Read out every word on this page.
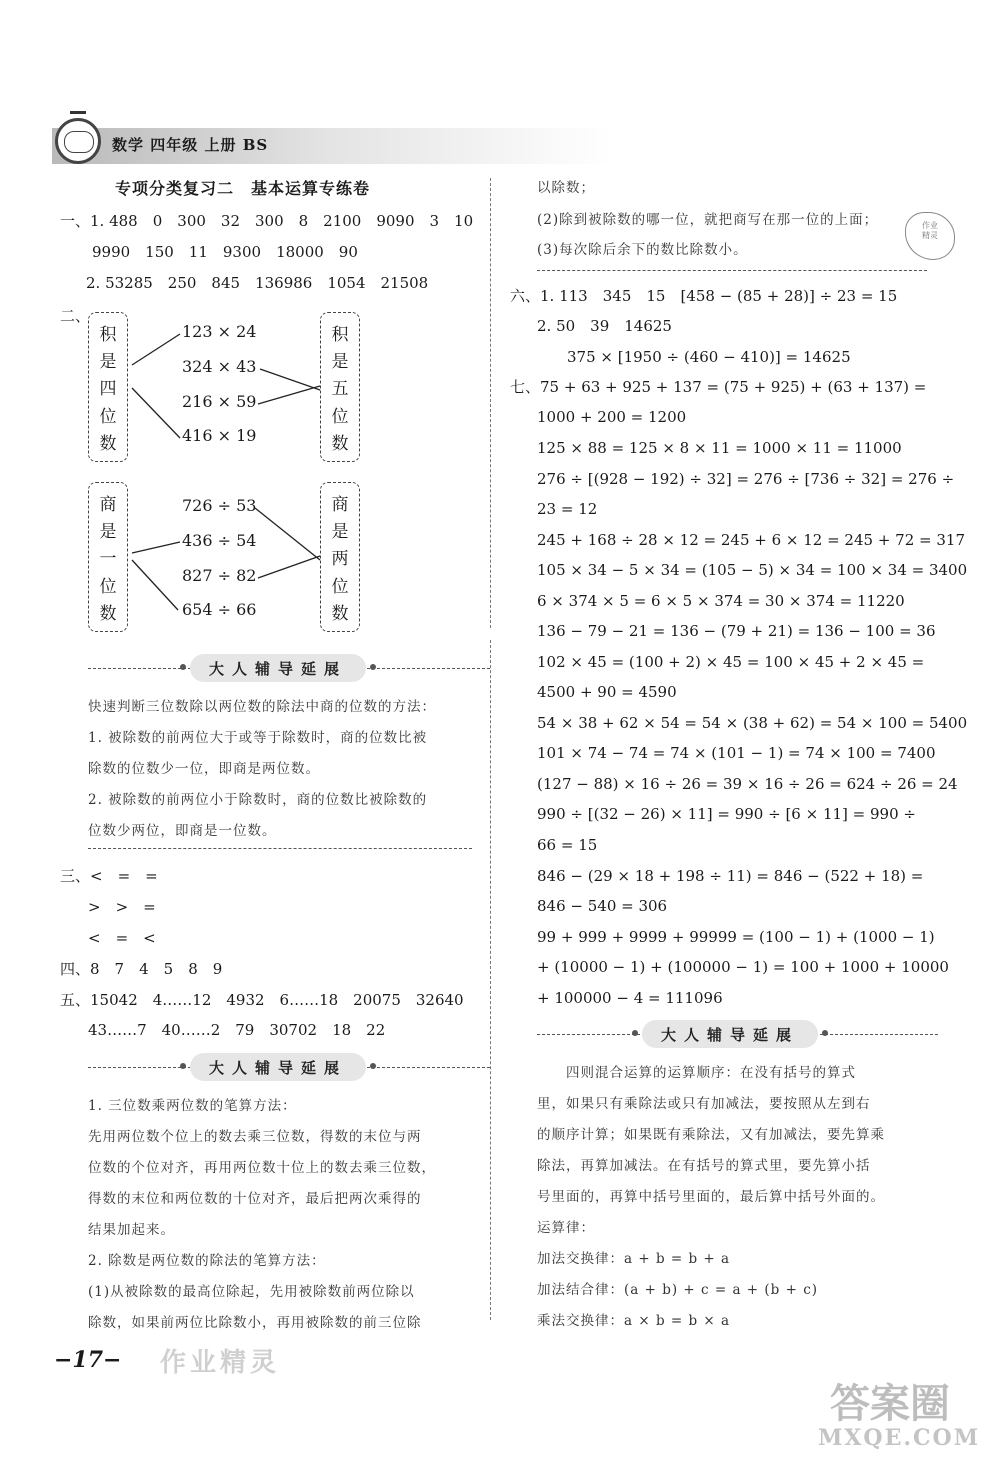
数学 四年级 上册 BS
专项分类复习二　基本运算专练卷
一、1. 488　0　300　32　300　8　2100　9090　3　10
9990　150　11　9300　18000　90
2. 53285　250　845　136986　1054　21508
二、
积
是
四
位
数
积
是
五
位
数
商
是
一
位
数
商
是
两
位
数
123 × 24
324 × 43
216 × 59
416 × 19
726 ÷ 53
436 ÷ 54
827 ÷ 82
654 ÷ 66
大人辅导延展
快速判断三位数除以两位数的除法中商的位数的方法：
1. 被除数的前两位大于或等于除数时，商的位数比被
除数的位数少一位，即商是两位数。
2. 被除数的前两位小于除数时，商的位数比被除数的
位数少两位，即商是一位数。
三、<　=　=
>　>　=
<　=　<
四、8　7　4　5　8　9
五、15042　4……12　4932　6……18　20075　32640
43……7　40……2　79　30702　18　22
大人辅导延展
1. 三位数乘两位数的笔算方法：
先用两位数个位上的数去乘三位数，得数的末位与两
位数的个位对齐，再用两位数十位上的数去乘三位数，
得数的末位和两位数的十位对齐，最后把两次乘得的
结果加起来。
2. 除数是两位数的除法的笔算方法：
(1)从被除数的最高位除起，先用被除数前两位除以
除数，如果前两位比除数小，再用被除数的前三位除
以除数；
(2)除到被除数的哪一位，就把商写在那一位的上面；
(3)每次除后余下的数比除数小。
作业
精灵
六、1. 113　345　15　[458 − (85 + 28)] ÷ 23 = 15
2. 50　39　14625
375 × [1950 ÷ (460 − 410)] = 14625
七、75 + 63 + 925 + 137 = (75 + 925) + (63 + 137) =
1000 + 200 = 1200
125 × 88 = 125 × 8 × 11 = 1000 × 11 = 11000
276 ÷ [(928 − 192) ÷ 32] = 276 ÷ [736 ÷ 32] = 276 ÷
23 = 12
245 + 168 ÷ 28 × 12 = 245 + 6 × 12 = 245 + 72 = 317
105 × 34 − 5 × 34 = (105 − 5) × 34 = 100 × 34 = 3400
6 × 374 × 5 = 6 × 5 × 374 = 30 × 374 = 11220
136 − 79 − 21 = 136 − (79 + 21) = 136 − 100 = 36
102 × 45 = (100 + 2) × 45 = 100 × 45 + 2 × 45 =
4500 + 90 = 4590
54 × 38 + 62 × 54 = 54 × (38 + 62) = 54 × 100 = 5400
101 × 74 − 74 = 74 × (101 − 1) = 74 × 100 = 7400
(127 − 88) × 16 ÷ 26 = 39 × 16 ÷ 26 = 624 ÷ 26 = 24
990 ÷ [(32 − 26) × 11] = 990 ÷ [6 × 11] = 990 ÷
66 = 15
846 − (29 × 18 + 198 ÷ 11) = 846 − (522 + 18) =
846 − 540 = 306
99 + 999 + 9999 + 99999 = (100 − 1) + (1000 − 1)
+ (10000 − 1) + (100000 − 1) = 100 + 1000 + 10000
+ 100000 − 4 = 111096
大人辅导延展
　　四则混合运算的运算顺序：在没有括号的算式
里，如果只有乘除法或只有加减法，要按照从左到右
的顺序计算；如果既有乘除法，又有加减法，要先算乘
除法，再算加减法。在有括号的算式里，要先算小括
号里面的，再算中括号里面的，最后算中括号外面的。
运算律：
加法交换律：a + b = b + a
加法结合律：(a + b) + c = a + (b + c)
乘法交换律：a × b = b × a
−17− 作业精灵
答案圈
MXQE.COM
